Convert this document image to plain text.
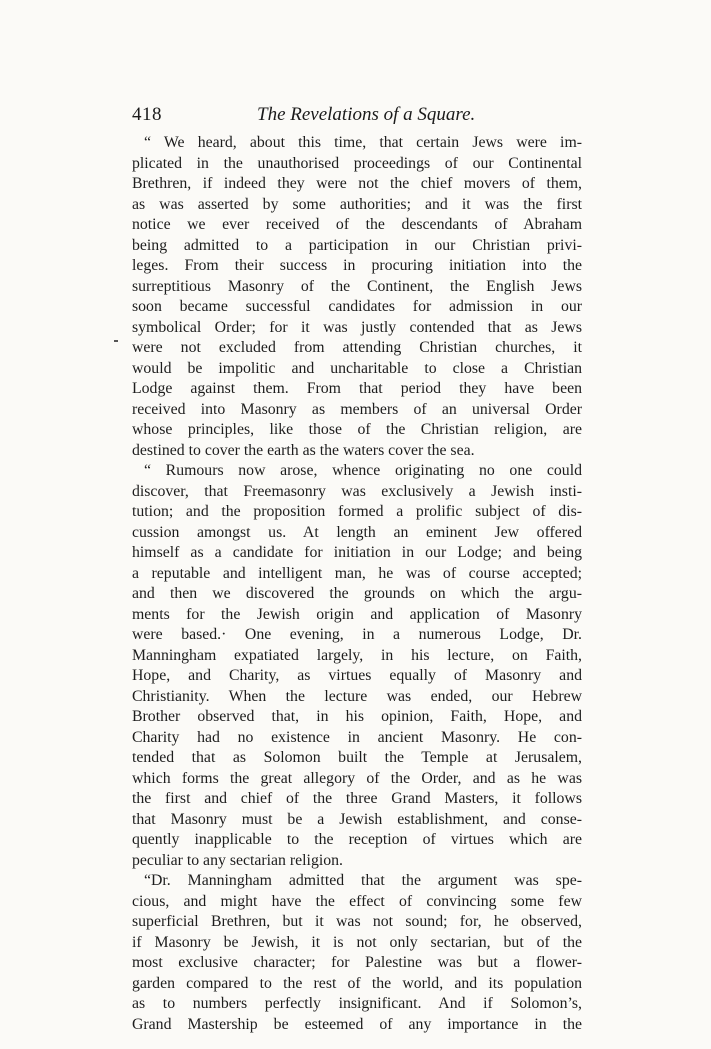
418	The Revelations of a Square.
“ We heard, about this time, that certain Jews were im-
plicated in the unauthorised proceedings of our Continental
Brethren, if indeed they were not the chief movers of them,
as was asserted by some authorities; and it was the first
notice we ever received of the descendants of Abraham
being admitted to a participation in our Christian privi-
leges. From their success in procuring initiation into the
surreptitious Masonry of the Continent, the English Jews
soon became successful candidates for admission in our
symbolical Order; for it was justly contended that as Jews
were not excluded from attending Christian churches, it
would be impolitic and uncharitable to close a Christian
Lodge against them. From that period they have been
received into Masonry as members of an universal Order
whose principles, like those of the Christian religion, are
destined to cover the earth as the waters cover the sea.
“ Rumours now arose, whence originating no one could
discover, that Freemasonry was exclusively a Jewish insti-
tution; and the proposition formed a prolific subject of dis-
cussion amongst us. At length an eminent Jew offered
himself as a candidate for initiation in our Lodge; and being
a reputable and intelligent man, he was of course accepted;
and then we discovered the grounds on which the argu-
ments for the Jewish origin and application of Masonry
were based.· One evening, in a numerous Lodge, Dr.
Manningham expatiated largely, in his lecture, on Faith,
Hope, and Charity, as virtues equally of Masonry and
Christianity. When the lecture was ended, our Hebrew
Brother observed that, in his opinion, Faith, Hope, and
Charity had no existence in ancient Masonry. He con-
tended that as Solomon built the Temple at Jerusalem,
which forms the great allegory of the Order, and as he was
the first and chief of the three Grand Masters, it follows
that Masonry must be a Jewish establishment, and conse-
quently inapplicable to the reception of virtues which are
peculiar to any sectarian religion.
“Dr. Manningham admitted that the argument was spe-
cious, and might have the effect of convincing some few
superficial Brethren, but it was not sound; for, he observed,
if Masonry be Jewish, it is not only sectarian, but of the
most exclusive character; for Palestine was but a flower-
garden compared to the rest of the world, and its population
as to numbers perfectly insignificant. And if Solomon’s,
Grand Mastership be esteemed of any importance in the
